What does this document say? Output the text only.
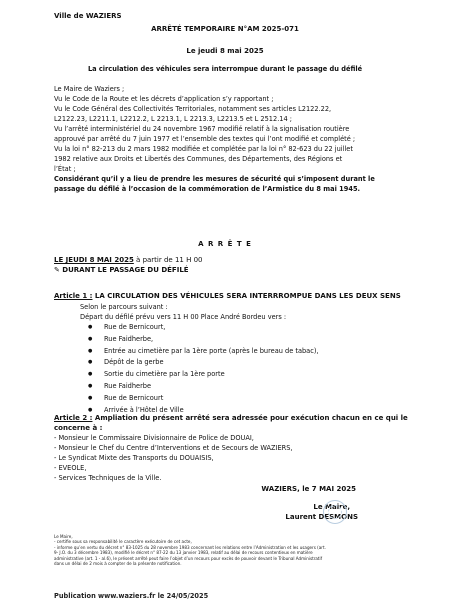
Ville de WAZIERS
ARRÊTÉ TEMPORAIRE N°AM 2025-071
Le jeudi 8 mai 2025
La circulation des véhicules sera interrompue durant le passage du défilé
Le Maire de Waziers ;
Vu le Code de la Route et les décrets d’application s’y rapportant ;
Vu le Code Général des Collectivités Territoriales, notamment ses articles L2122.22,
L2122.23, L2211.1, L2212.2, L 2213.1, L 2213.3, L2213.5 et L 2512.14 ;
Vu l’arrêté interministériel du 24 novembre 1967 modifié relatif à la signalisation routière
approuvé par arrêté du 7 juin 1977 et l’ensemble des textes qui l’ont modifié et complété ;
Vu la loi n° 82-213 du 2 mars 1982 modifiée et complétée par la loi n° 82-623 du 22 juillet
1982 relative aux Droits et Libertés des Communes, des Départements, des Régions et
l’État ;
Considérant qu’il y a lieu de prendre les mesures de sécurité qui s’imposent durant le
passage du défilé à l’occasion de la commémoration de l’Armistice du 8 mai 1945.
A R R Ê T E
LE JEUDI 8 MAI 2025 à partir de 11 H 00
✎ DURANT LE PASSAGE DU DÉFILÉ
Article 1 : LA CIRCULATION DES VÉHICULES SERA INTERRROMPUE DANS LES DEUX SENS
Selon le parcours suivant :
Départ du défilé prévu vers 11 H 00 Place André Bordeu vers :
● Rue de Bernicourt,
● Rue Faidherbe,
● Entrée au cimetière par la 1ère porte (après le bureau de tabac),
● Dépôt de la gerbe
● Sortie du cimetière par la 1ère porte
● Rue Faidherbe
● Rue de Bernicourt
● Arrivée à l’Hôtel de Ville
Article 2 : Ampliation du présent arrêté sera adressée pour exécution chacun en ce qui le
concerne à :
- Monsieur le Commissaire Divisionnaire de Police de DOUAI,
- Monsieur le Chef du Centre d’Interventions et de Secours de WAZIERS,
- Le Syndicat Mixte des Transports du DOUAISIS,
- EVEOLE,
- Services Techniques de la Ville.
WAZIERS, le 7 MAI 2025
Le Maire,
Laurent DESMONS
Le Maire,
- certifie sous sa responsabilité le caractère exécutoire de cet acte,
- informe qu’en vertu du décret n° 83-1025 du 28 novembre 1983 concernant les relations entre l’Administration et les usagers (art.
9- J.O. du 3 décembre 1983), modifié le décret n° 87-22 du 13 janvier 1983, relatif au délai de recours contentieux en matière
administrative (art. 1 - al.6), le présent arrêté peut faire l’objet d’un recours pour excès de pouvoir devant le Tribunal Administratif
dans un délai de 2 mois à compter de la présente notification.
Publication www.waziers.fr le 24/05/2025
